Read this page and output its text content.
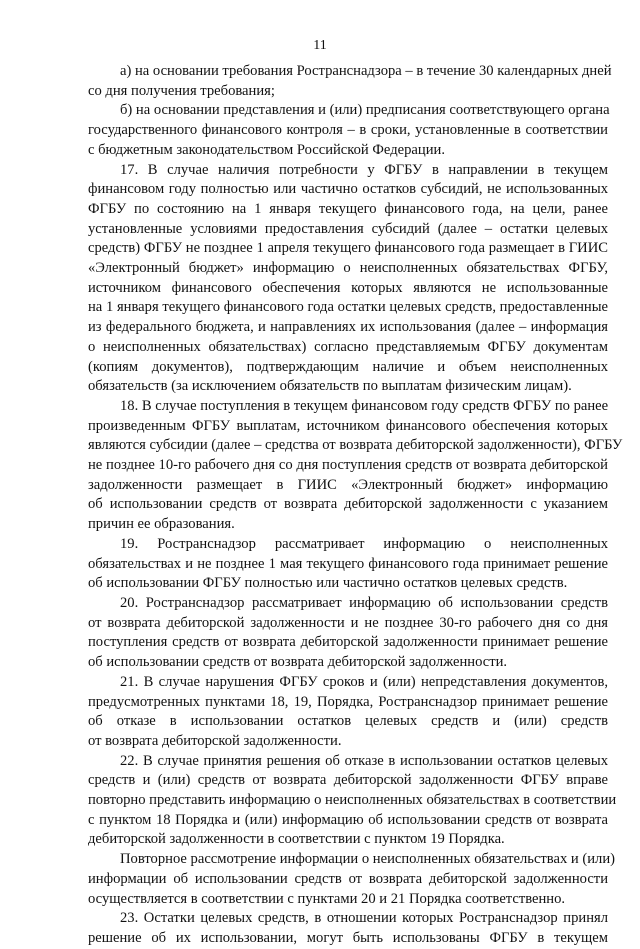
11

а) на основании требования Ространснадзора – в течение 30 календарных дней
со дня получения требования;

б) на основании представления и (или) предписания соответствующего органа
государственного финансового контроля – в сроки, установленные в соответствии
с бюджетным законодательством Российской Федерации.

17. В случае наличия потребности у ФГБУ в направлении в текущем
финансовом году полностью или частично остатков субсидий, не использованных
ФГБУ по состоянию на 1 января текущего финансового года, на цели, ранее
установленные условиями предоставления субсидий (далее – остатки целевых
средств) ФГБУ не позднее 1 апреля текущего финансового года размещает в ГИИС
«Электронный бюджет» информацию о неисполненных обязательствах ФГБУ,
источником финансового обеспечения которых являются не использованные
на 1 января текущего финансового года остатки целевых средств, предоставленные
из федерального бюджета, и направлениях их использования (далее – информация
о неисполненных обязательствах) согласно представляемым ФГБУ документам
(копиям документов), подтверждающим наличие и объем неисполненных
обязательств (за исключением обязательств по выплатам физическим лицам).

18. В случае поступления в текущем финансовом году средств ФГБУ по ранее
произведенным ФГБУ выплатам, источником финансового обеспечения которых
являются субсидии (далее – средства от возврата дебиторской задолженности), ФГБУ
не позднее 10-го рабочего дня со дня поступления средств от возврата дебиторской
задолженности размещает в ГИИС «Электронный бюджет» информацию
об использовании средств от возврата дебиторской задолженности с указанием
причин ее образования.

19. Ространснадзор рассматривает информацию о неисполненных
обязательствах и не позднее 1 мая текущего финансового года принимает решение
об использовании ФГБУ полностью или частично остатков целевых средств.

20. Ространснадзор рассматривает информацию об использовании средств
от возврата дебиторской задолженности и не позднее 30-го рабочего дня со дня
поступления средств от возврата дебиторской задолженности принимает решение
об использовании средств от возврата дебиторской задолженности.

21. В случае нарушения ФГБУ сроков и (или) непредставления документов,
предусмотренных пунктами 18, 19, Порядка, Ространснадзор принимает решение
об отказе в использовании остатков целевых средств и (или) средств
от возврата дебиторской задолженности.

22. В случае принятия решения об отказе в использовании остатков целевых
средств и (или) средств от возврата дебиторской задолженности ФГБУ вправе
повторно представить информацию о неисполненных обязательствах в соответствии
с пунктом 18 Порядка и (или) информацию об использовании средств от возврата
дебиторской задолженности в соответствии с пунктом 19 Порядка.

Повторное рассмотрение информации о неисполненных обязательствах и (или)
информации об использовании средств от возврата дебиторской задолженности
осуществляется в соответствии с пунктами 20 и 21 Порядка соответственно.

23. Остатки целевых средств, в отношении которых Ространснадзор принял
решение об их использовании, могут быть использованы ФГБУ в текущем
